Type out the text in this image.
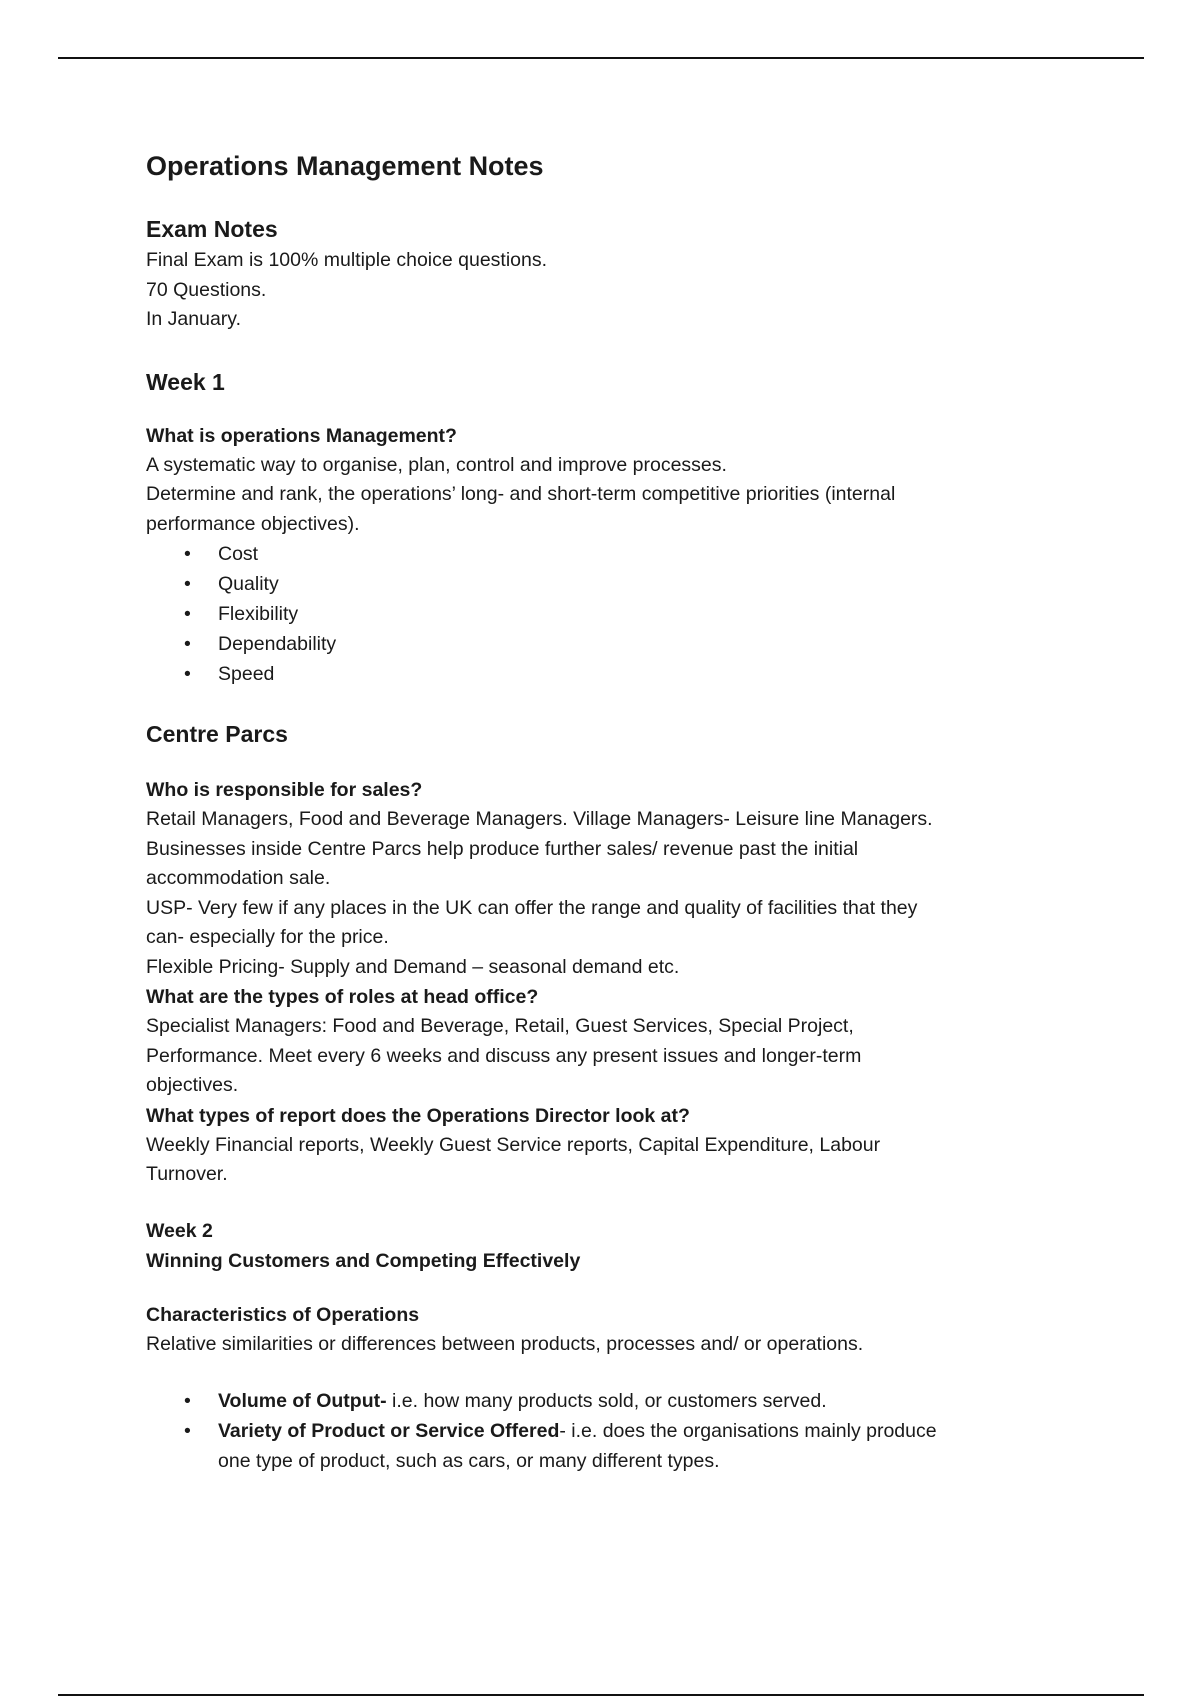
Operations Management Notes
Exam Notes

Final Exam is 100% multiple choice questions.

70 Questions.

In January.

Week 1

What is operations Management?

A systematic way to organise, plan, control and improve processes.

Determine and rank, the operations’ long- and short-term competitive priorities (internal

performance objectives).

• Cost
• Quality
• Flexibility
• Dependability
• Speed
Centre Parcs

Who is responsible for sales?

Retail Managers, Food and Beverage Managers. Village Managers- Leisure line Managers.

Businesses inside Centre Parcs help produce further sales/ revenue past the initial

accommodation sale.

USP- Very few if any places in the UK can offer the range and quality of facilities that they

can- especially for the price.

Flexible Pricing- Supply and Demand – seasonal demand etc.

What are the types of roles at head office?

Specialist Managers: Food and Beverage, Retail, Guest Services, Special Project,

Performance. Meet every 6 weeks and discuss any present issues and longer-term

objectives.

What types of report does the Operations Director look at?

Weekly Financial reports, Weekly Guest Service reports, Capital Expenditure, Labour

Turnover.

Week 2

Winning Customers and Competing Effectively

Characteristics of Operations

Relative similarities or differences between products, processes and/ or operations.

• Volume of Output- i.e. how many products sold, or customers served.
• Variety of Product or Service Offered- i.e. does the organisations mainly produce
one type of product, such as cars, or many different types.
